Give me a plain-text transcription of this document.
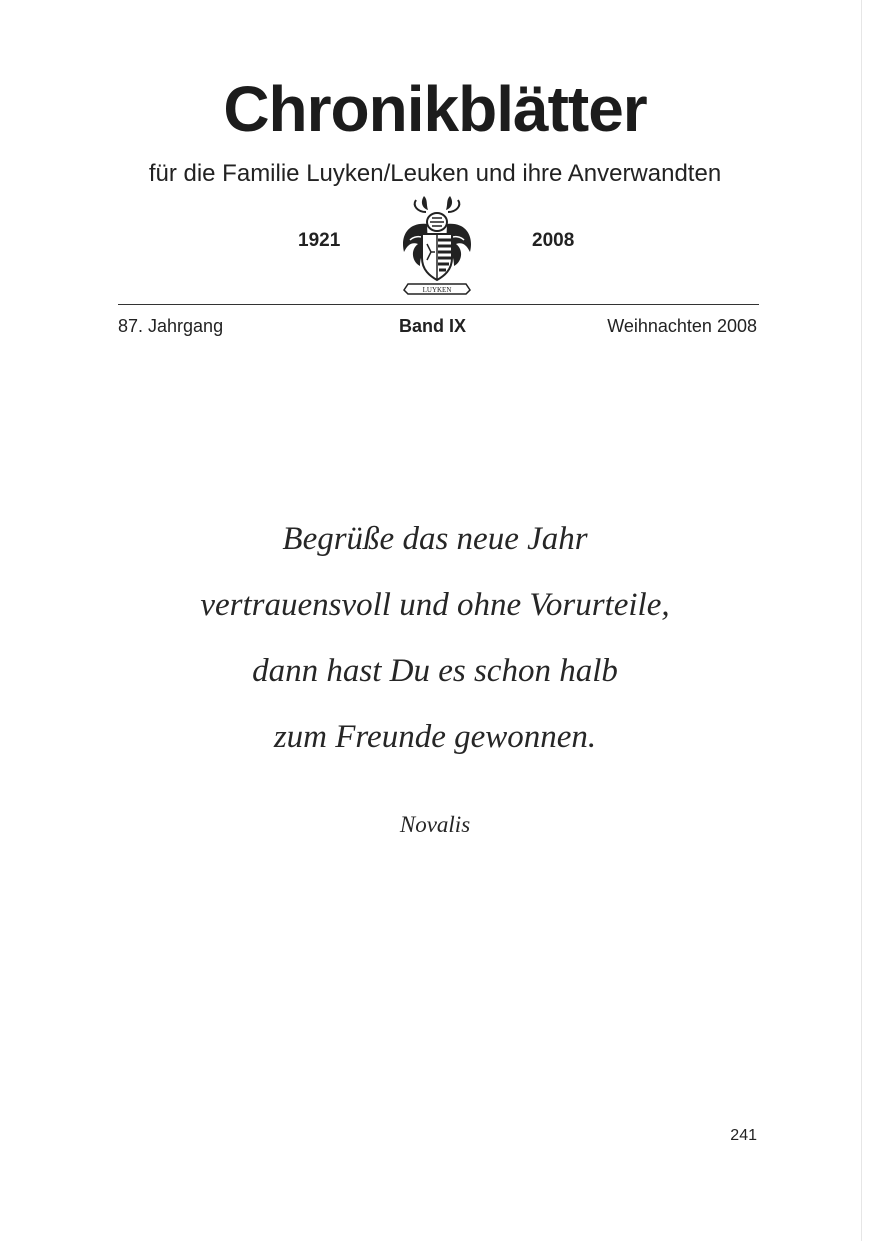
Chronikblätter
für die Familie Luyken/Leuken und ihre Anverwandten
1921
LUYKEN
2008
87. Jahrgang	Band IX	Weihnachten 2008
Begrüße das neue Jahr
vertrauensvoll und ohne Vorurteile,
dann hast Du es schon halb
zum Freunde gewonnen.
Novalis
241
